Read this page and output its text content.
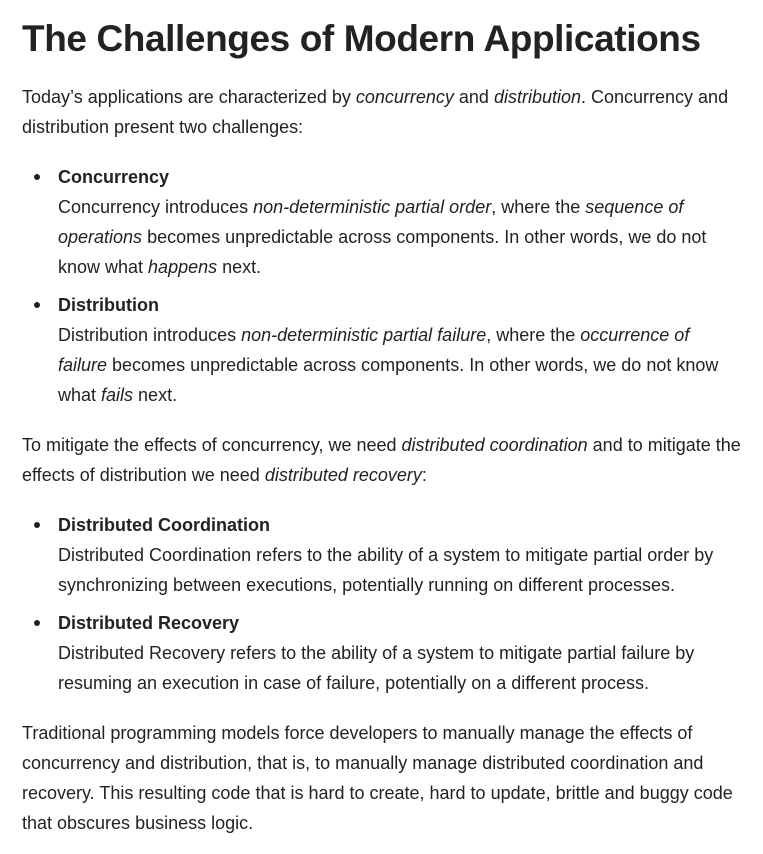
The Challenges of Modern Applications

Today’s applications are characterized by concurrency and distribution. Concurrency and distribution present two challenges:

Concurrency
Concurrency introduces non-deterministic partial order, where the sequence of operations becomes unpredictable across components. In other words, we do not know what happens next.
Distribution
Distribution introduces non-deterministic partial failure, where the occurrence of failure becomes unpredictable across components. In other words, we do not know what fails next.

To mitigate the effects of concurrency, we need distributed coordination and to mitigate the effects of distribution we need distributed recovery:

Distributed Coordination
Distributed Coordination refers to the ability of a system to mitigate partial order by synchronizing between executions, potentially running on different processes.
Distributed Recovery
Distributed Recovery refers to the ability of a system to mitigate partial failure by resuming an execution in case of failure, potentially on a different process.

Traditional programming models force developers to manually manage the effects of concurrency and distribution, that is, to manually manage distributed coordination and recovery. This resulting code that is hard to create, hard to update, brittle and buggy code that obscures business logic.
